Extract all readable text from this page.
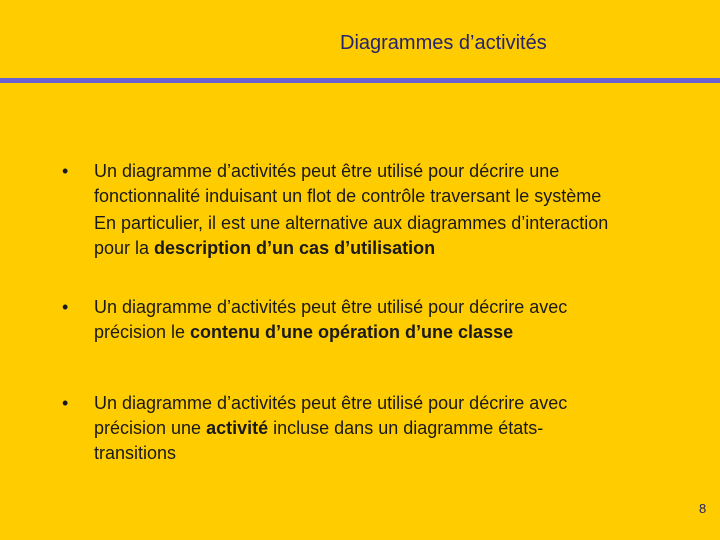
Diagrammes d’activités
• Un diagramme d’activités peut être utilisé pour décrire une
fonctionnalité induisant un flot de contrôle traversant le système

En particulier, il est une alternative aux diagrammes d’interaction
pour la description d’un cas d’utilisation

• Un diagramme d’activités peut être utilisé pour décrire avec
précision le contenu d’une opération d’une classe

• Un diagramme d’activités peut être utilisé pour décrire avec
précision une activité incluse dans un diagramme états-
transitions

8
